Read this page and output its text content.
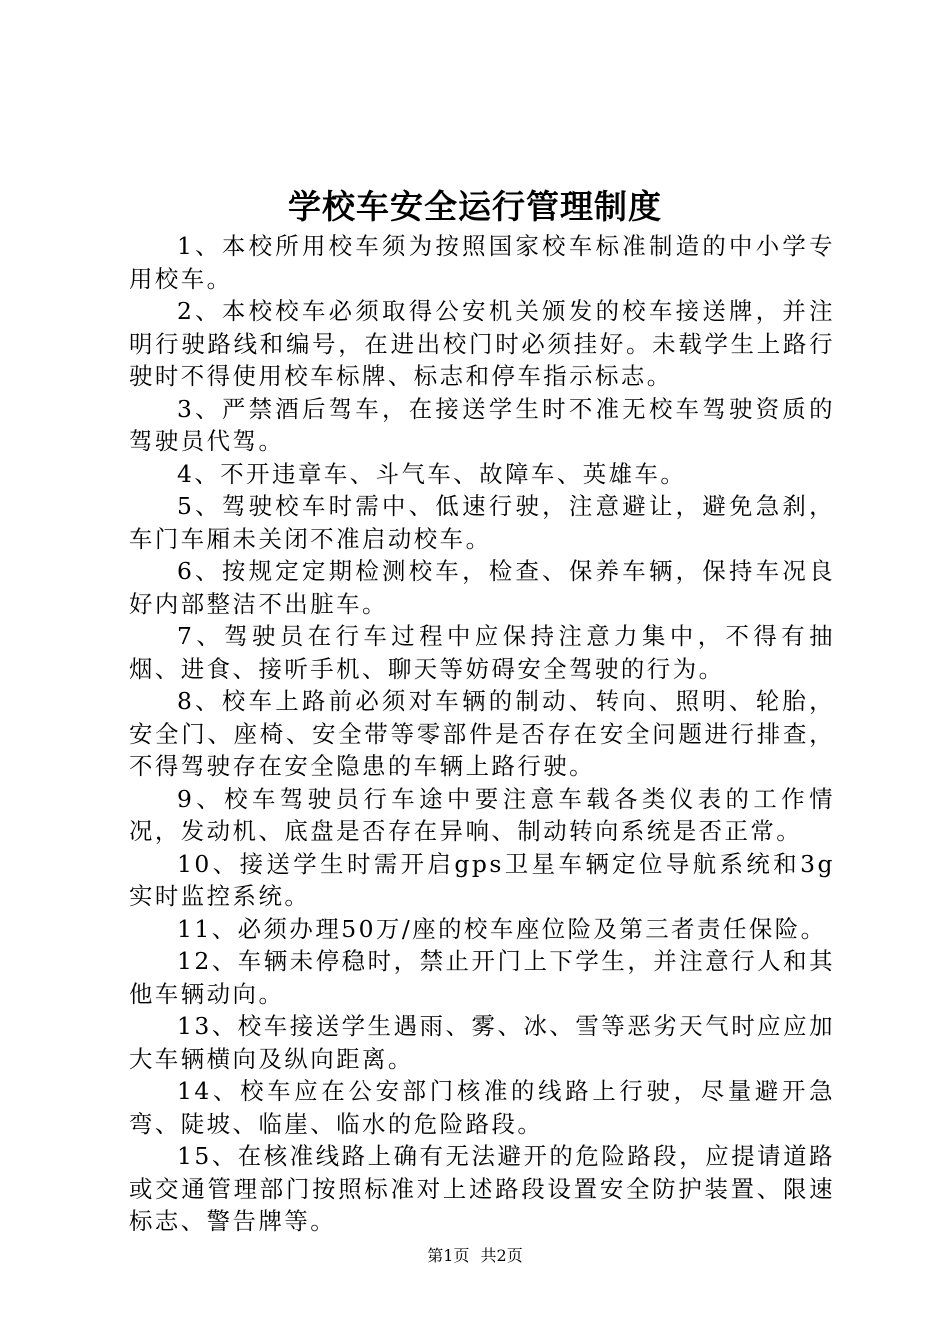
学校车安全运行管理制度

1、本校所用校车须为按照国家校车标准制造的中小学专用校车。

2、本校校车必须取得公安机关颁发的校车接送牌，并注明行驶路线和编号，在进出校门时必须挂好。未载学生上路行驶时不得使用校车标牌、标志和停车指示标志。

3、严禁酒后驾车，在接送学生时不准无校车驾驶资质的驾驶员代驾。

4、不开违章车、斗气车、故障车、英雄车。

5、驾驶校车时需中、低速行驶，注意避让，避免急刹，车门车厢未关闭不准启动校车。

6、按规定定期检测校车，检查、保养车辆，保持车况良好内部整洁不出脏车。

7、驾驶员在行车过程中应保持注意力集中，不得有抽烟、进食、接听手机、聊天等妨碍安全驾驶的行为。

8、校车上路前必须对车辆的制动、转向、照明、轮胎，安全门、座椅、安全带等零部件是否存在安全问题进行排查，不得驾驶存在安全隐患的车辆上路行驶。

9、校车驾驶员行车途中要注意车载各类仪表的工作情况，发动机、底盘是否存在异响、制动转向系统是否正常。

10、接送学生时需开启gps卫星车辆定位导航系统和3g实时监控系统。

11、必须办理50万/座的校车座位险及第三者责任保险。

12、车辆未停稳时，禁止开门上下学生，并注意行人和其他车辆动向。

13、校车接送学生遇雨、雾、冰、雪等恶劣天气时应应加大车辆横向及纵向距离。

14、校车应在公安部门核准的线路上行驶，尽量避开急弯、陡坡、临崖、临水的危险路段。

15、在核准线路上确有无法避开的危险路段，应提请道路或交通管理部门按照标准对上述路段设置安全防护装置、限速标志、警告牌等。

第1页 共2页
